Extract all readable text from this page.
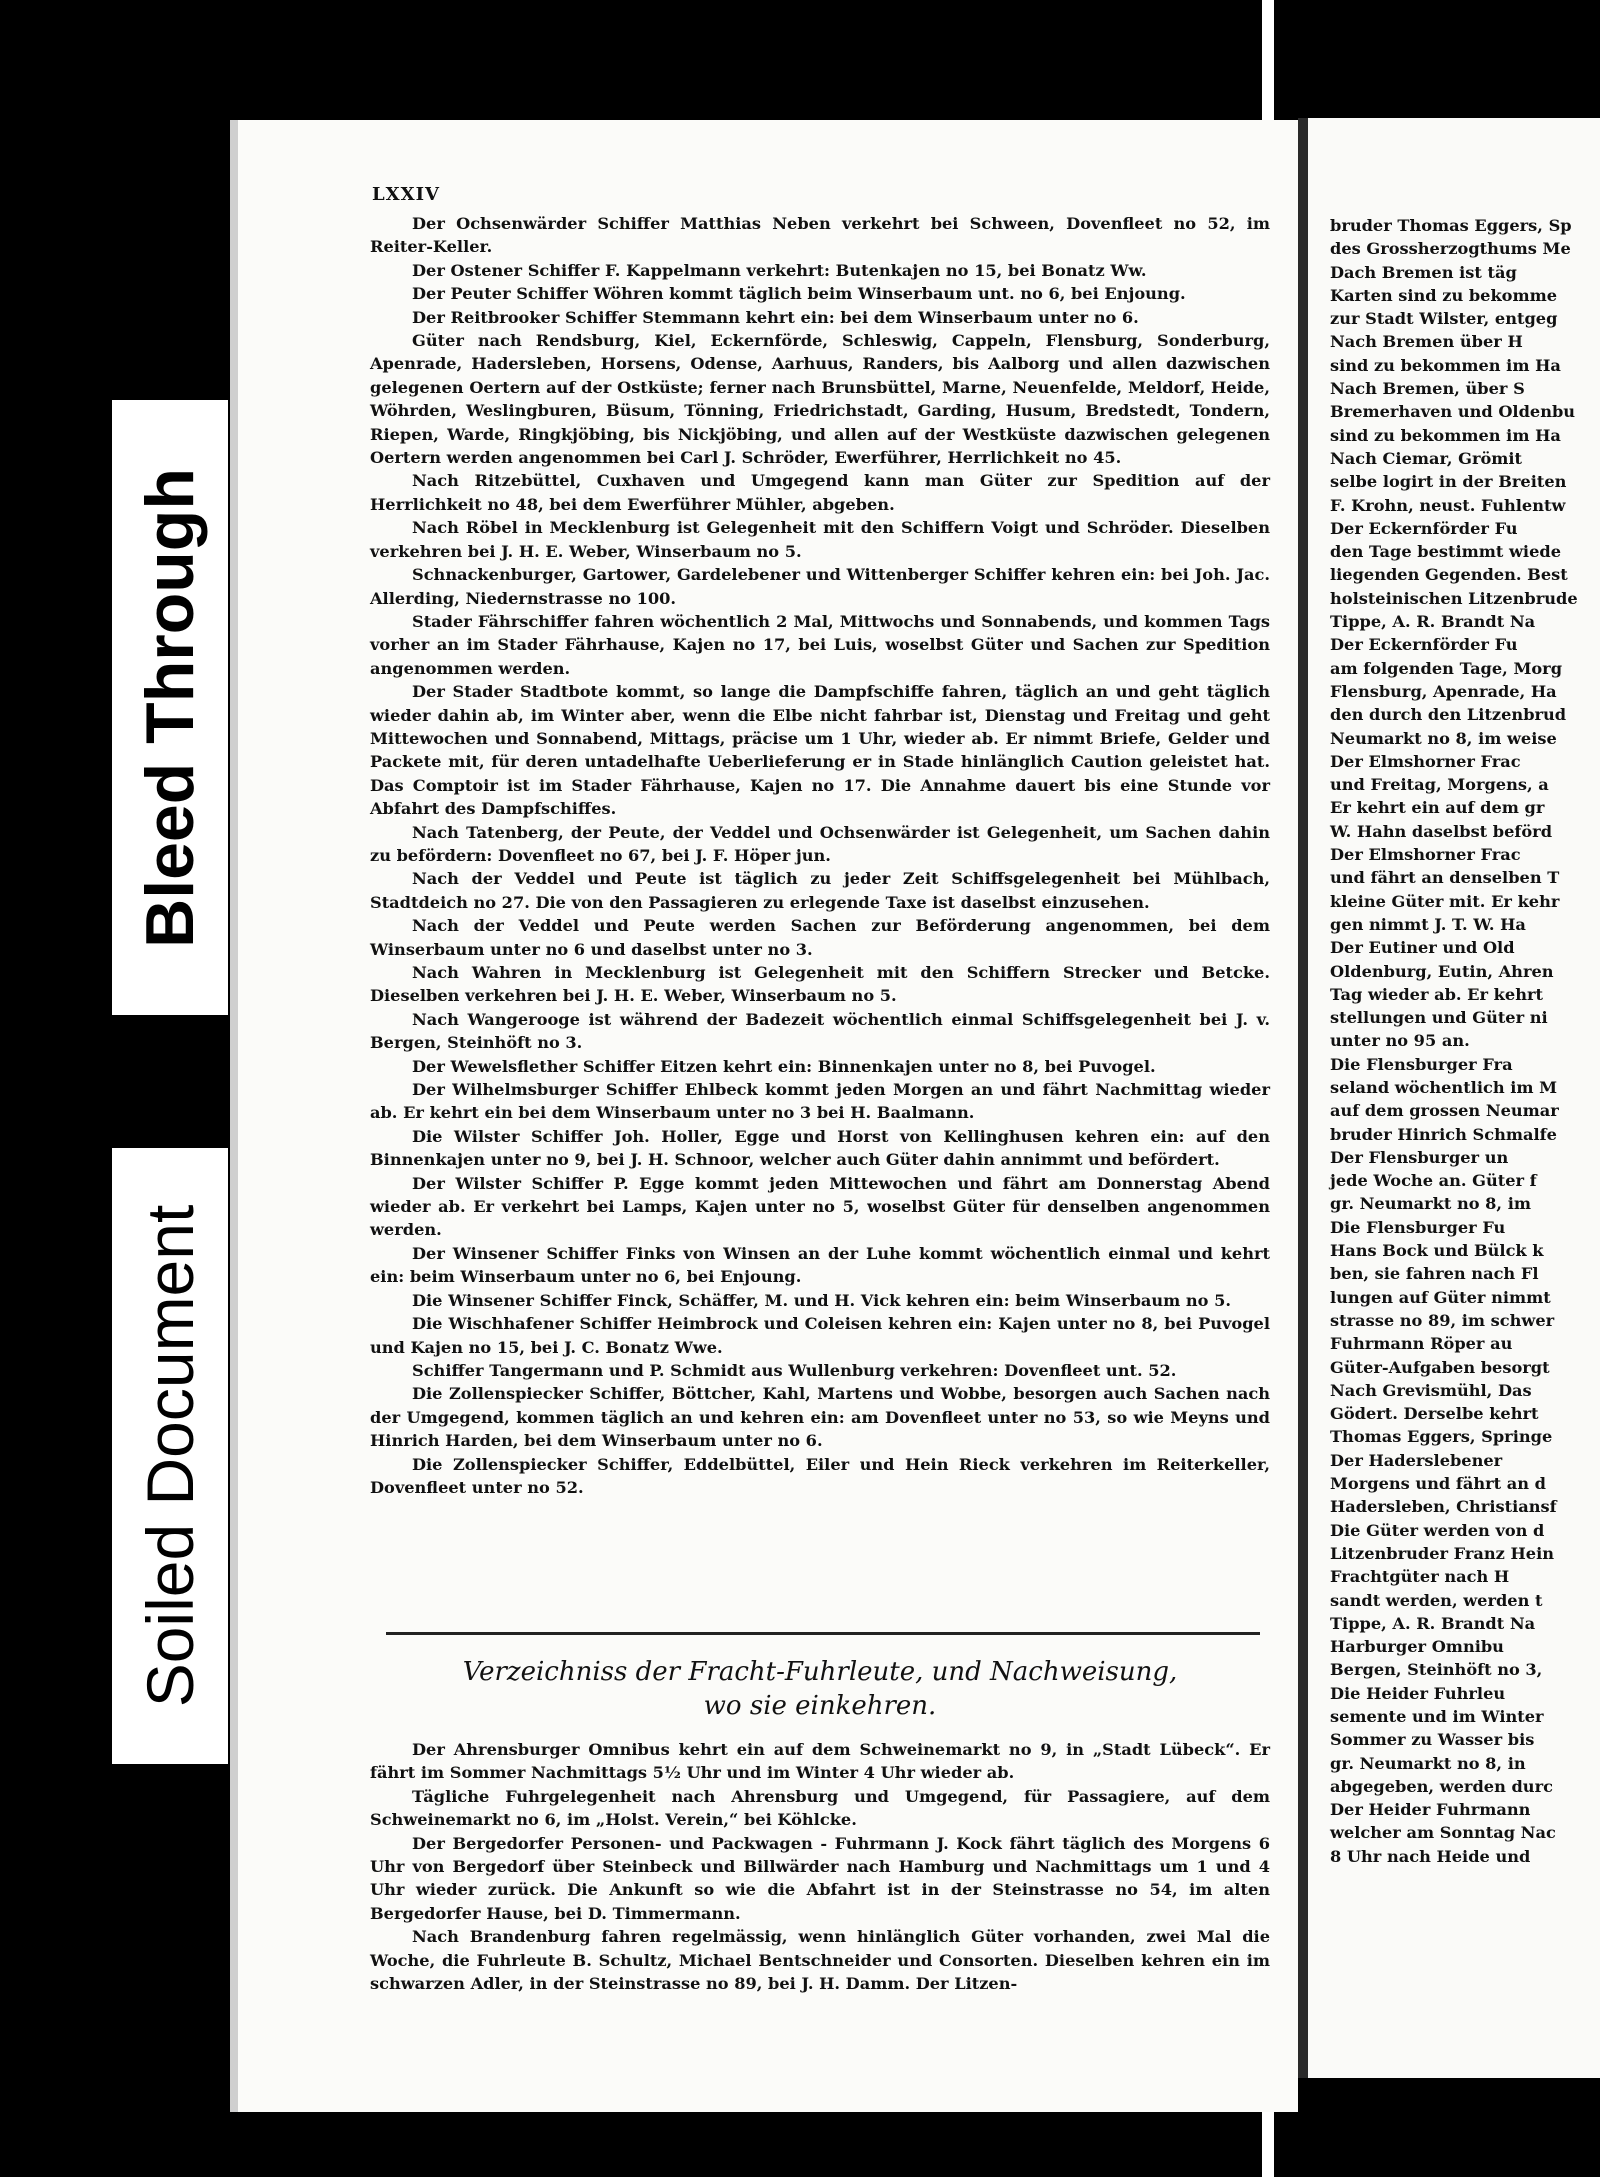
Bleed Through
Soiled Document
LXXIV

Der Ochsenwärder Schiffer Matthias Neben verkehrt bei Schween, Dovenfleet no 52, im Reiter-Keller.

Der Ostener Schiffer F. Kappelmann verkehrt: Butenkajen no 15, bei Bonatz Ww.

Der Peuter Schiffer Wöhren kommt täglich beim Winserbaum unt. no 6, bei Enjoung.

Der Reitbrooker Schiffer Stemmann kehrt ein: bei dem Winserbaum unter no 6.

Güter nach Rendsburg, Kiel, Eckernförde, Schleswig, Cappeln, Flensburg, Sonderburg, Apenrade, Hadersleben, Horsens, Odense, Aarhuus, Randers, bis Aalborg und allen dazwischen gelegenen Oertern auf der Ostküste; ferner nach Brunsbüttel, Marne, Neuenfelde, Meldorf, Heide, Wöhrden, Weslingburen, Büsum, Tönning, Friedrichstadt, Garding, Husum, Bredstedt, Tondern, Riepen, Warde, Ringkjöbing, bis Nickjöbing, und allen auf der Westküste dazwischen gelegenen Oertern werden angenommen bei Carl J. Schröder, Ewerführer, Herrlichkeit no 45.

Nach Ritzebüttel, Cuxhaven und Umgegend kann man Güter zur Spedition auf der Herrlichkeit no 48, bei dem Ewerführer Mühler, abgeben.

Nach Röbel in Mecklenburg ist Gelegenheit mit den Schiffern Voigt und Schröder. Dieselben verkehren bei J. H. E. Weber, Winserbaum no 5.

Schnackenburger, Gartower, Gardelebener und Wittenberger Schiffer kehren ein: bei Joh. Jac. Allerding, Niedernstrasse no 100.

Stader Fährschiffer fahren wöchentlich 2 Mal, Mittwochs und Sonnabends, und kommen Tags vorher an im Stader Fährhause, Kajen no 17, bei Luis, woselbst Güter und Sachen zur Spedition angenommen werden.

Der Stader Stadtbote kommt, so lange die Dampfschiffe fahren, täglich an und geht täglich wieder dahin ab, im Winter aber, wenn die Elbe nicht fahrbar ist, Dienstag und Freitag und geht Mittewochen und Sonnabend, Mittags, präcise um 1 Uhr, wieder ab. Er nimmt Briefe, Gelder und Packete mit, für deren untadelhafte Ueberlieferung er in Stade hinlänglich Caution geleistet hat. Das Comptoir ist im Stader Fährhause, Kajen no 17. Die Annahme dauert bis eine Stunde vor Abfahrt des Dampfschiffes.

Nach Tatenberg, der Peute, der Veddel und Ochsenwärder ist Gelegenheit, um Sachen dahin zu befördern: Dovenfleet no 67, bei J. F. Höper jun.

Nach der Veddel und Peute ist täglich zu jeder Zeit Schiffsgelegenheit bei Mühlbach, Stadtdeich no 27. Die von den Passagieren zu erlegende Taxe ist daselbst einzusehen.

Nach der Veddel und Peute werden Sachen zur Beförderung angenommen, bei dem Winserbaum unter no 6 und daselbst unter no 3.

Nach Wahren in Mecklenburg ist Gelegenheit mit den Schiffern Strecker und Betcke. Dieselben verkehren bei J. H. E. Weber, Winserbaum no 5.

Nach Wangerooge ist während der Badezeit wöchentlich einmal Schiffsgelegenheit bei J. v. Bergen, Steinhöft no 3.

Der Wewelsflether Schiffer Eitzen kehrt ein: Binnenkajen unter no 8, bei Puvogel.

Der Wilhelmsburger Schiffer Ehlbeck kommt jeden Morgen an und fährt Nachmittag wieder ab. Er kehrt ein bei dem Winserbaum unter no 3 bei H. Baalmann.

Die Wilster Schiffer Joh. Holler, Egge und Horst von Kellinghusen kehren ein: auf den Binnenkajen unter no 9, bei J. H. Schnoor, welcher auch Güter dahin annimmt und befördert.

Der Wilster Schiffer P. Egge kommt jeden Mittewochen und fährt am Donnerstag Abend wieder ab. Er verkehrt bei Lamps, Kajen unter no 5, woselbst Güter für denselben angenommen werden.

Der Winsener Schiffer Finks von Winsen an der Luhe kommt wöchentlich einmal und kehrt ein: beim Winserbaum unter no 6, bei Enjoung.

Die Winsener Schiffer Finck, Schäffer, M. und H. Vick kehren ein: beim Winserbaum no 5.

Die Wischhafener Schiffer Heimbrock und Coleisen kehren ein: Kajen unter no 8, bei Puvogel und Kajen no 15, bei J. C. Bonatz Wwe.

Schiffer Tangermann und P. Schmidt aus Wullenburg verkehren: Dovenfleet unt. 52.

Die Zollenspiecker Schiffer, Böttcher, Kahl, Martens und Wobbe, besorgen auch Sachen nach der Umgegend, kommen täglich an und kehren ein: am Dovenfleet unter no 53, so wie Meyns und Hinrich Harden, bei dem Winserbaum unter no 6.

Die Zollenspiecker Schiffer, Eddelbüttel, Eiler und Hein Rieck verkehren im Reiterkeller, Dovenfleet unter no 52.

Verzeichniss der Fracht-Fuhrleute, und Nachweisung,
wo sie einkehren.

Der Ahrensburger Omnibus kehrt ein auf dem Schweinemarkt no 9, in „Stadt Lübeck“. Er fährt im Sommer Nachmittags 5½ Uhr und im Winter 4 Uhr wieder ab.

Tägliche Fuhrgelegenheit nach Ahrensburg und Umgegend, für Passagiere, auf dem Schweinemarkt no 6, im „Holst. Verein,“ bei Köhlcke.

Der Bergedorfer Personen- und Packwagen - Fuhrmann J. Kock fährt täglich des Morgens 6 Uhr von Bergedorf über Steinbeck und Billwärder nach Hamburg und Nachmittags um 1 und 4 Uhr wieder zurück. Die Ankunft so wie die Abfahrt ist in der Steinstrasse no 54, im alten Bergedorfer Hause, bei D. Timmermann.

Nach Brandenburg fahren regelmässig, wenn hinlänglich Güter vorhanden, zwei Mal die Woche, die Fuhrleute B. Schultz, Michael Bentschneider und Consorten. Dieselben kehren ein im schwarzen Adler, in der Steinstrasse no 89, bei J. H. Damm. Der Litzen-

bruder Thomas Eggers, Sp
des Grossherzogthums Me
Dach Bremen ist täg
Karten sind zu bekomme
zur Stadt Wilster, entgeg
Nach Bremen über H
sind zu bekommen im Ha
Nach Bremen, über S
Bremerhaven und Oldenbu
sind zu bekommen im Ha
Nach Ciemar, Grömit
selbe logirt in der Breiten
F. Krohn, neust. Fuhlentw
Der Eckernförder Fu
den Tage bestimmt wiede
liegenden Gegenden. Best
holsteinischen Litzenbrude
Tippe, A. R. Brandt Na
Der Eckernförder Fu
am folgenden Tage, Morg
Flensburg, Apenrade, Ha
den durch den Litzenbrud
Neumarkt no 8, im weise
Der Elmshorner Frac
und Freitag, Morgens, a
Er kehrt ein auf dem gr
W. Hahn daselbst beförd
Der Elmshorner Frac
und fährt an denselben T
kleine Güter mit. Er kehr
gen nimmt J. T. W. Ha
Der Eutiner und Old
Oldenburg, Eutin, Ahren
Tag wieder ab. Er kehrt
stellungen und Güter ni
unter no 95 an.
Die Flensburger Fra
seland wöchentlich im M
auf dem grossen Neumar
bruder Hinrich Schmalfe
Der Flensburger un
jede Woche an. Güter f
gr. Neumarkt no 8, im
Die Flensburger Fu
Hans Bock und Bülck k
ben, sie fahren nach Fl
lungen auf Güter nimmt
strasse no 89, im schwer
Fuhrmann Röper au
Güter-Aufgaben besorgt
Nach Grevismühl, Das
Gödert. Derselbe kehrt
Thomas Eggers, Springe
Der Haderslebener
Morgens und fährt an d
Hadersleben, Christiansf
Die Güter werden von d
Litzenbruder Franz Hein
Frachtgüter nach H
sandt werden, werden t
Tippe, A. R. Brandt Na
Harburger Omnibu
Bergen, Steinhöft no 3,
Die Heider Fuhrleu
semente und im Winter
Sommer zu Wasser bis
gr. Neumarkt no 8, in
abgegeben, werden durc
Der Heider Fuhrmann
welcher am Sonntag Nac
8 Uhr nach Heide und
